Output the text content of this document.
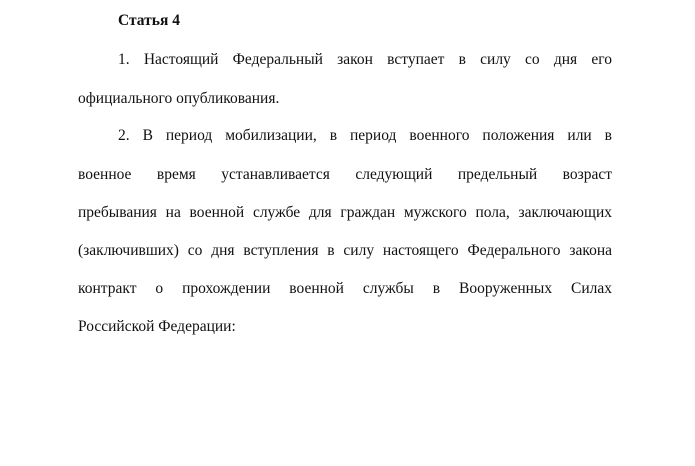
Статья 4
1. Настоящий Федеральный закон вступает в силу со дня его
официального опубликования.
2. В период мобилизации, в период военного положения или в
военное время устанавливается следующий предельный возраст
пребывания на военной службе для граждан мужского пола, заключающих
(заключивших) со дня вступления в силу настоящего Федерального закона
контракт о прохождении военной службы в Вооруженных Силах
Российской Федерации:
